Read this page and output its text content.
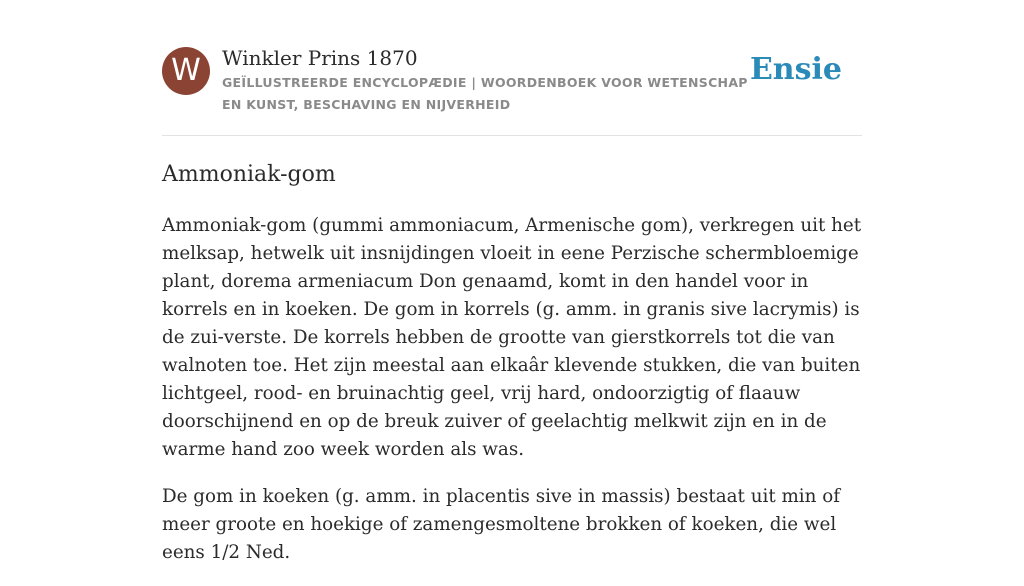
W	Winkler Prins 1870
GEÏLLUSTREERDE ENCYCLOPÆDIE | WOORDENBOEK VOOR WETENSCHAP EN KUNST, BESCHAVING EN NIJVERHEID
Ensie
Ammoniak-gom

Ammoniak-gom (gummi ammoniacum, Armenische gom), verkregen uit het melksap, hetwelk uit insnijdingen vloeit in eene Perzische schermbloemige plant, dorema armeniacum Don genaamd, komt in den handel voor in korrels en in koeken. De gom in korrels (g. amm. in granis sive lacrymis) is de zui-verste. De korrels hebben de grootte van gierstkorrels tot die van walnoten toe. Het zijn meestal aan elkaâr klevende stukken, die van buiten lichtgeel, rood- en bruinachtig geel, vrij hard, ondoorzigtig of flaauw doorschijnend en op de breuk zuiver of geelachtig melkwit zijn en in de warme hand zoo week worden als was.

De gom in koeken (g. amm. in placentis sive in massis) bestaat uit min of meer groote en hoekige of zamengesmoltene brokken of koeken, die wel eens 1/2 Ned.
